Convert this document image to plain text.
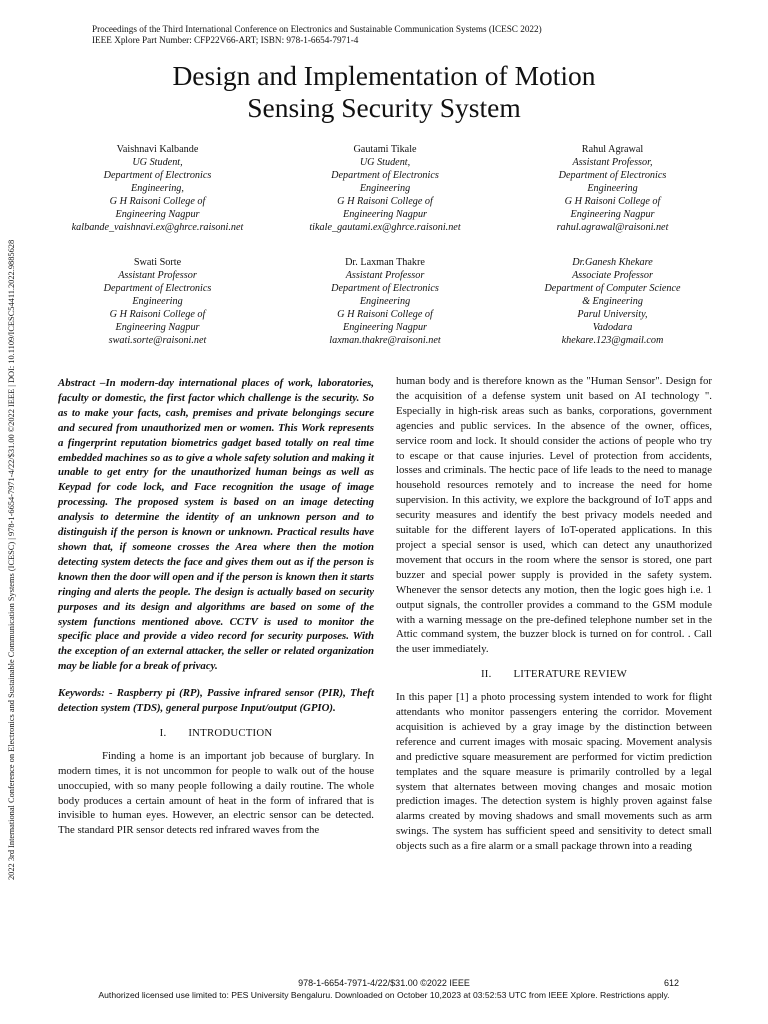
Proceedings of the Third International Conference on Electronics and Sustainable Communication Systems (ICESC 2022)
IEEE Xplore Part Number: CFP22V66-ART; ISBN: 978-1-6654-7971-4
Design and Implementation of Motion
Sensing Security System
Vaishnavi Kalbande
UG Student,
Department of Electronics
Engineering,
G H Raisoni College of
Engineering Nagpur
kalbande_vaishnavi.ex@ghrce.raisoni.net
Gautami Tikale
UG Student,
Department of Electronics
Engineering
G H Raisoni College of
Engineering Nagpur
tikale_gautami.ex@ghrce.raisoni.net
Rahul Agrawal
Assistant Professor,
Department of Electronics
Engineering
G H Raisoni College of
Engineering Nagpur
rahul.agrawal@raisoni.net
Swati Sorte
Assistant Professor
Department of Electronics
Engineering
G H Raisoni College of
Engineering Nagpur
swati.sorte@raisoni.net
Dr. Laxman Thakre
Assistant Professor
Department of Electronics
Engineering
G H Raisoni College of
Engineering Nagpur
laxman.thakre@raisoni.net
Dr.Ganesh Khekare
Associate Professor
Department of Computer Science
& Engineering
Parul University,
Vadodara
khekare.123@gmail.com
2022 3rd International Conference on Electronics and Sustainable Communication Systems (ICESC) | 978-1-6654-7971-4/22/$31.00 ©2022 IEEE | DOI: 10.1109/ICESC54411.2022.9885628	Abstract –In modern-day international places of work, laboratories, faculty or domestic, the first factor which challenge is the security. So as to make your facts, cash, premises and private belongings secure and secured from unauthorized men or women. This Work represents a fingerprint reputation biometrics gadget based totally on real time embedded machines so as to give a whole safety solution and making it unable to get entry for the unauthorized human beings as well as Keypad for code lock, and Face recognition the usage of image processing. The proposed system is based on an image detecting analysis to determine the identity of an unknown person and to distinguish if the person is known or unknown. Practical results have shown that, if someone crosses the Area where then the motion detecting system detects the face and gives them out as if the person is known then the door will open and if the person is known then it starts ringing and alerts the people. The design is actually based on security purposes and its design and algorithms are based on some of the system functions mentioned above. CCTV is used to monitor the specific place and provide a video record for security purposes. With the exception of an external attacker, the seller or related organization may be liable for a break of privacy.

Keywords: - Raspberry pi (RP), Passive infrared sensor (PIR), Theft detection system (TDS), general purpose Input/output (GPIO).

I. INTRODUCTION

Finding a home is an important job because of burglary. In modern times, it is not uncommon for people to walk out of the house unoccupied, with so many people following a daily routine. The whole body produces a certain amount of heat in the form of infrared that is invisible to human eyes. However, an electric sensor can be detected. The standard PIR sensor detects red infrared waves from the

human body and is therefore known as the "Human Sensor". Design for the acquisition of a defense system unit based on AI technology ". Especially in high-risk areas such as banks, corporations, government agencies and public services. In the absence of the owner, offices, service room and lock. It should consider the actions of people who try to escape or that cause injuries. Level of protection from accidents, losses and criminals. The hectic pace of life leads to the need to manage household resources remotely and to increase the need for home supervision. In this activity, we explore the background of IoT apps and security measures and identify the best privacy models needed and suitable for the different layers of IoT-operated applications. In this project a special sensor is used, which can detect any unauthorized movement that occurs in the room where the sensor is stored, one part buzzer and special power supply is provided in the safety system. Whenever the sensor detects any motion, then the logic goes high i.e. 1 output signals, the controller provides a command to the GSM module with a warning message on the pre-defined telephone number set in the Attic command system, the buzzer block is turned on for control. . Call the user immediately.

II. LITERATURE REVIEW

In this paper [1] a photo processing system intended to work for flight attendants who monitor passengers entering the corridor. Movement acquisition is achieved by a gray image by the distinction between reference and current images with mosaic spacing. Movement analysis and predictive square measurement are performed for victim prediction templates and the square measure is primarily controlled by a legal system that alternates between moving changes and mosaic motion prediction images. The detection system is highly proven against false alarms created by moving shadows and small movements such as arm swings. The system has sufficient speed and sensitivity to detect small objects such as a fire alarm or a small package thrown into a reading

978-1-6654-7971-4/22/$31.00 ©2022 IEEE	612
Authorized licensed use limited to: PES University Bengaluru. Downloaded on October 10,2023 at 03:52:53 UTC from IEEE Xplore. Restrictions apply.
